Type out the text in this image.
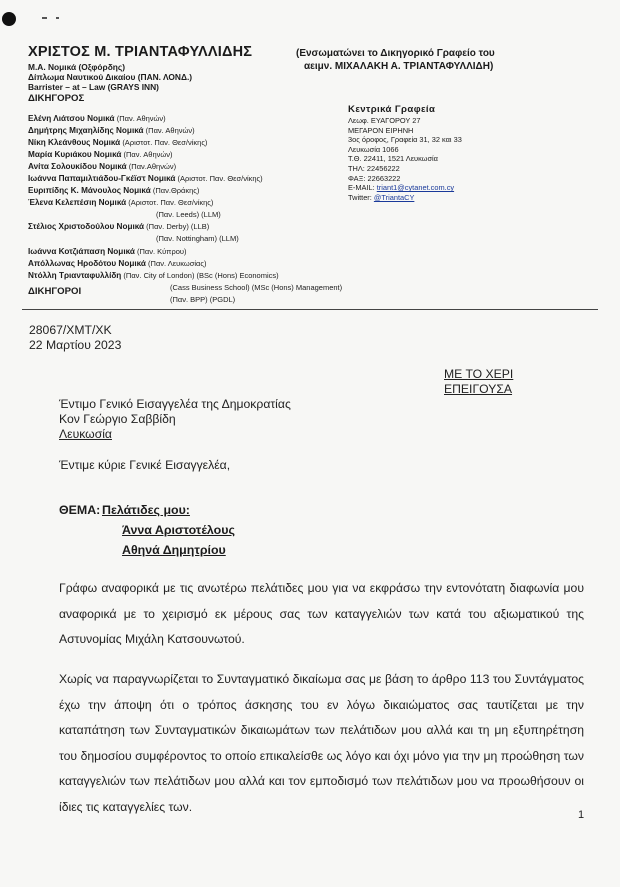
ΧΡΙΣΤΟΣ Μ. ΤΡΙΑΝΤΑΦΥΛΛΙΔΗΣ
Μ.Α. Νομικά (Οξφόρδης)
Δίπλωμα Ναυτικού Δικαίου (ΠΑΝ. ΛΟΝΔ.)
Barrister – at – Law (GRAYS INN)
ΔΙΚΗΓΟΡΟΣ
(Ενσωματώνει το Δικηγορικό Γραφείο του
αειμν. ΜΙΧΑΛΑΚΗ Α. ΤΡΙΑΝΤΑΦΥΛΛΙΔΗ)
Ελένη Λιάτσου Νομικά (Παν. Αθηνών)
Δημήτρης Μιχαηλίδης Νομικά (Παν. Αθηνών)
Νίκη Κλεάνθους Νομικά (Αριστοτ. Παν. Θεσ/νίκης)
Μαρία Κυριάκου Νομικά (Παν. Αθηνών)
Ανίτα Σολουκίδου Νομικά (Παν.Αθηνών)
Ιωάννα Παπαμιλτιάδου-Γκέϊστ Νομικά (Αριστοτ. Παν. Θεσ/νίκης)
Ευριπίδης Κ. Μάνουλος Νομικά (Παν.Θράκης)
Έλενα Κελεπέσιη Νομικά (Αριστοτ. Παν. Θεσ/νίκης)
(Παν. Leeds) (LLM)
Στέλιος Χριστοδούλου Νομικά (Παν. Derby) (LLB)
(Παν. Nottingham) (LLM)
Ιωάννα Κοτζιάπαση Νομικά (Παν. Κύπρου)
Απόλλωνας Ηροδότου Νομικά (Παν. Λευκωσίας)
Ντόλλη Τριανταφυλλίδη (Παν. City of London) (BSc (Hons) Economics)
(Cass Business School) (MSc (Hons) Management)
(Παν. BPP) (PGDL)
ΔΙΚΗΓΟΡΟΙ
Κεντρικά Γραφεία
Λεωφ. ΕΥΑΓΟΡΟΥ 27
ΜΕΓΑΡΟΝ ΕΙΡΗΝΗ
3ος όροφος, Γραφεία 31, 32 και 33
Λευκωσία 1066
Τ.Θ. 22411, 1521 Λευκωσία
ΤΗΛ: 22456222
ΦΑΞ: 22663222
E-MAIL: triant1@cytanet.com.cy
Twitter: @TriantaCY
28067/ΧΜΤ/ΧΚ
22 Μαρτίου 2023
ΜΕ ΤΟ ΧΕΡΙ
ΕΠΕΙΓΟΥΣΑ
Έντιμο Γενικό Εισαγγελέα της Δημοκρατίας
Κον Γεώργιο Σαββίδη
Λευκωσία
Έντιμε κύριε Γενικέ Εισαγγελέα,
ΘΕΜΑ: Πελάτιδες μου:
Άννα Αριστοτέλους
Αθηνά Δημητρίου
Γράφω αναφορικά με τις ανωτέρω πελάτιδες μου για να εκφράσω την εντονότατη διαφωνία μου αναφορικά με το χειρισμό εκ μέρους σας των καταγγελιών των κατά του αξιωματικού της Αστυνομίας Μιχάλη Κατσουνωτού.
Χωρίς να παραγνωρίζεται το Συνταγματικό δικαίωμα σας με βάση το άρθρο 113 του Συντάγματος έχω την άποψη ότι ο τρόπος άσκησης του εν λόγω δικαιώματος σας ταυτίζεται με την καταπάτηση των Συνταγματικών δικαιωμάτων των πελάτιδων μου αλλά και τη μη εξυπηρέτηση του δημοσίου συμφέροντος το οποίο επικαλείσθε ως λόγο και όχι μόνο για την μη προώθηση των καταγγελιών των πελάτιδων μου αλλά και τον εμποδισμό των πελάτιδων μου να προωθήσουν οι ίδιες τις καταγγελίες των.
1
